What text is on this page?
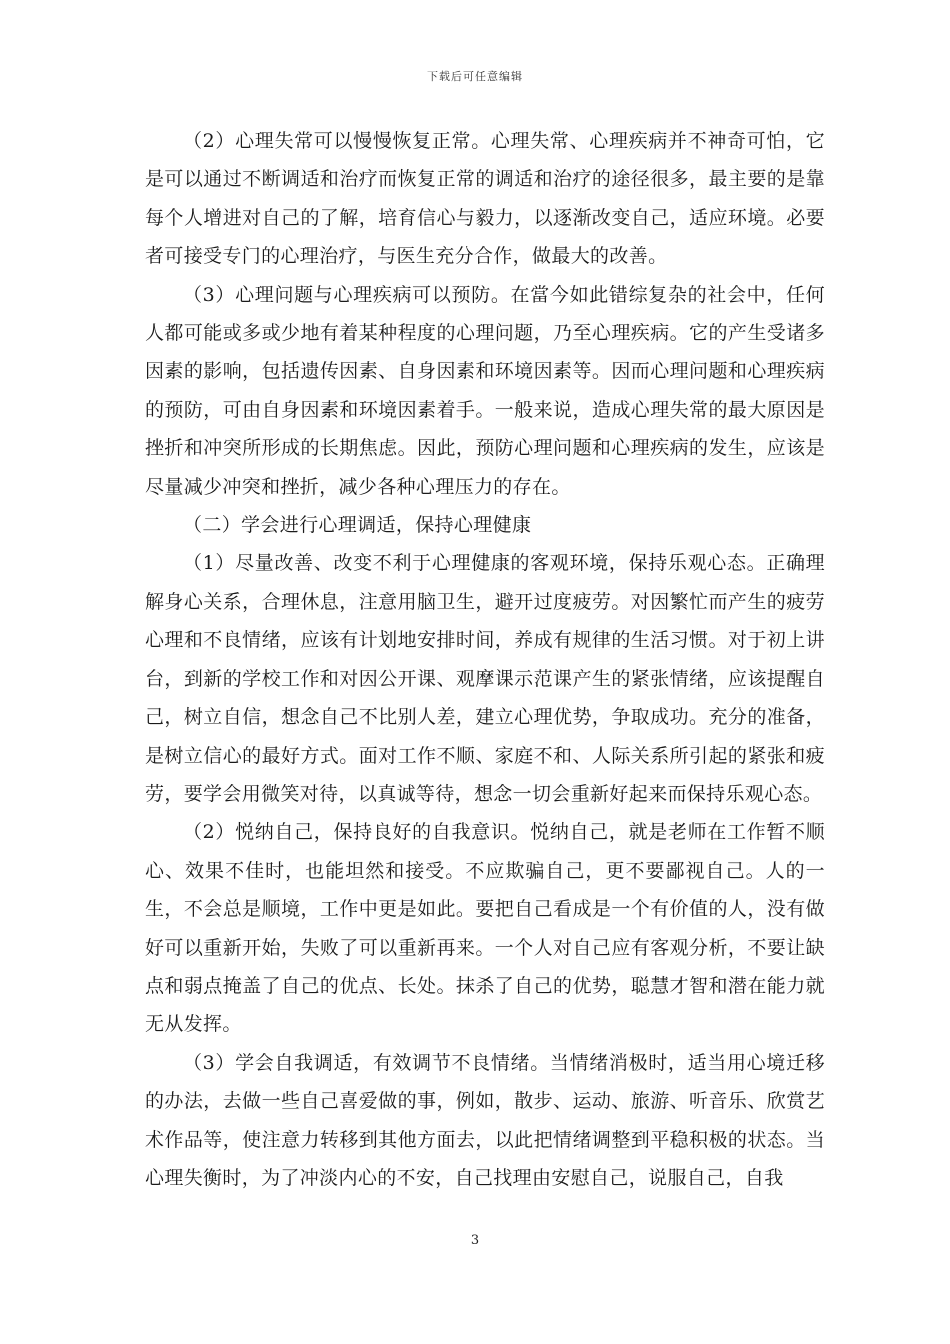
下载后可任意编辑

（2）心理失常可以慢慢恢复正常。心理失常、心理疾病并不神奇可怕，它是可以通过不断调适和治疗而恢复正常的调适和治疗的途径很多，最主要的是靠每个人增进对自己的了解，培育信心与毅力，以逐渐改变自己，适应环境。必要者可接受专门的心理治疗，与医生充分合作，做最大的改善。

（3）心理问题与心理疾病可以预防。在當今如此错综复杂的社会中，任何人都可能或多或少地有着某种程度的心理问题，乃至心理疾病。它的产生受诸多因素的影响，包括遗传因素、自身因素和环境因素等。因而心理问题和心理疾病的预防，可由自身因素和环境因素着手。一般来说，造成心理失常的最大原因是挫折和冲突所形成的长期焦虑。因此，预防心理问题和心理疾病的发生，应该是尽量减少冲突和挫折，减少各种心理压力的存在。

（二）学会进行心理调适，保持心理健康

（1）尽量改善、改变不利于心理健康的客观环境，保持乐观心态。正确理解身心关系，合理休息，注意用脑卫生，避开过度疲劳。对因繁忙而产生的疲劳心理和不良情绪，应该有计划地安排时间，养成有规律的生活习惯。对于初上讲台，到新的学校工作和对因公开课、观摩课示范课产生的紧张情绪，应该提醒自己，树立自信，想念自己不比别人差，建立心理优势，争取成功。充分的准备，是树立信心的最好方式。面对工作不顺、家庭不和、人际关系所引起的紧张和疲劳，要学会用微笑对待，以真诚等待，想念一切会重新好起来而保持乐观心态。

（2）悦纳自己，保持良好的自我意识。悦纳自己，就是老师在工作暂不顺心、效果不佳时，也能坦然和接受。不应欺骗自己，更不要鄙视自己。人的一生，不会总是顺境，工作中更是如此。要把自己看成是一个有价值的人，没有做好可以重新开始，失败了可以重新再来。一个人对自己应有客观分析，不要让缺点和弱点掩盖了自己的优点、长处。抹杀了自己的优势，聪慧才智和潜在能力就无从发挥。

（3）学会自我调适，有效调节不良情绪。当情绪消极时，适当用心境迁移的办法，去做一些自己喜爱做的事，例如，散步、运动、旅游、听音乐、欣赏艺术作品等，使注意力转移到其他方面去，以此把情绪调整到平稳积极的状态。当心理失衡时，为了冲淡内心的不安，自己找理由安慰自己，说服自己，自我

3
